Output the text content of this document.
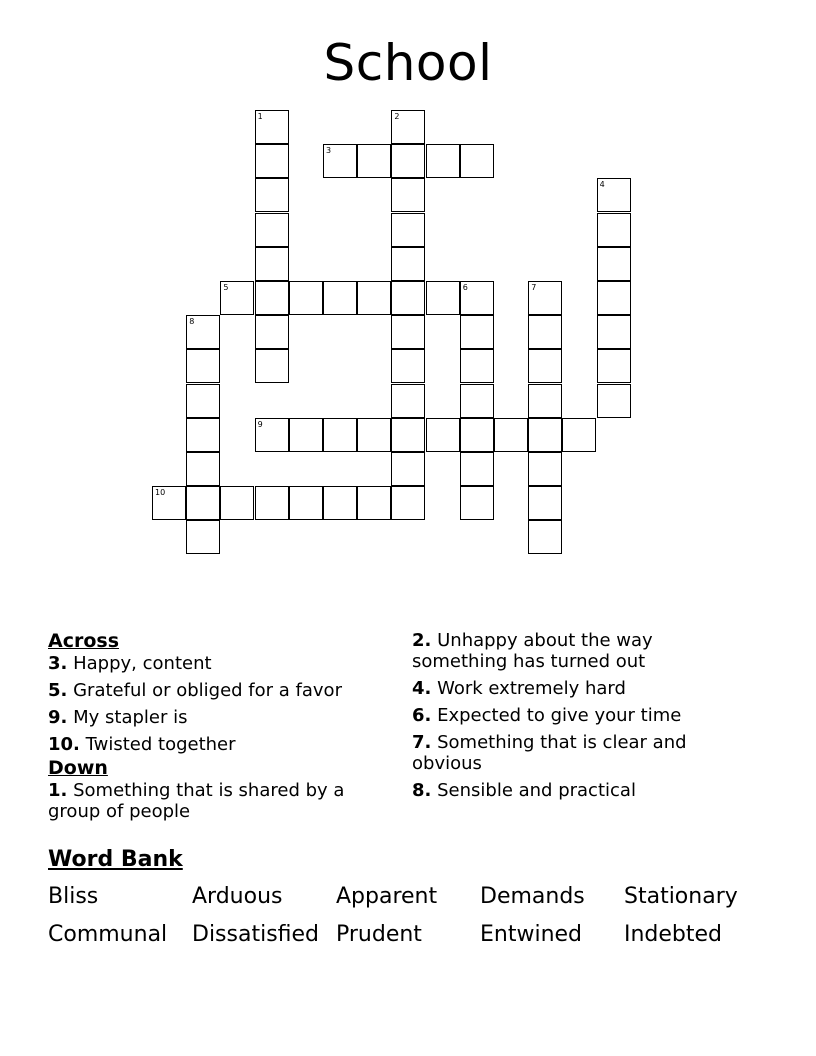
School
1	2
3
4
5	6	7
8
9
10
Across
3. Happy, content
5. Grateful or obliged for a favor
9. My stapler is
10. Twisted together
Down
1. Something that is shared by a group of people
2. Unhappy about the way something has turned out
4. Work extremely hard
6. Expected to give your time
7. Something that is clear and obvious
8. Sensible and practical
Word Bank
Bliss	Arduous Apparent Demands Stationary
Communal Dissatisfied Prudent	Entwined Indebted
